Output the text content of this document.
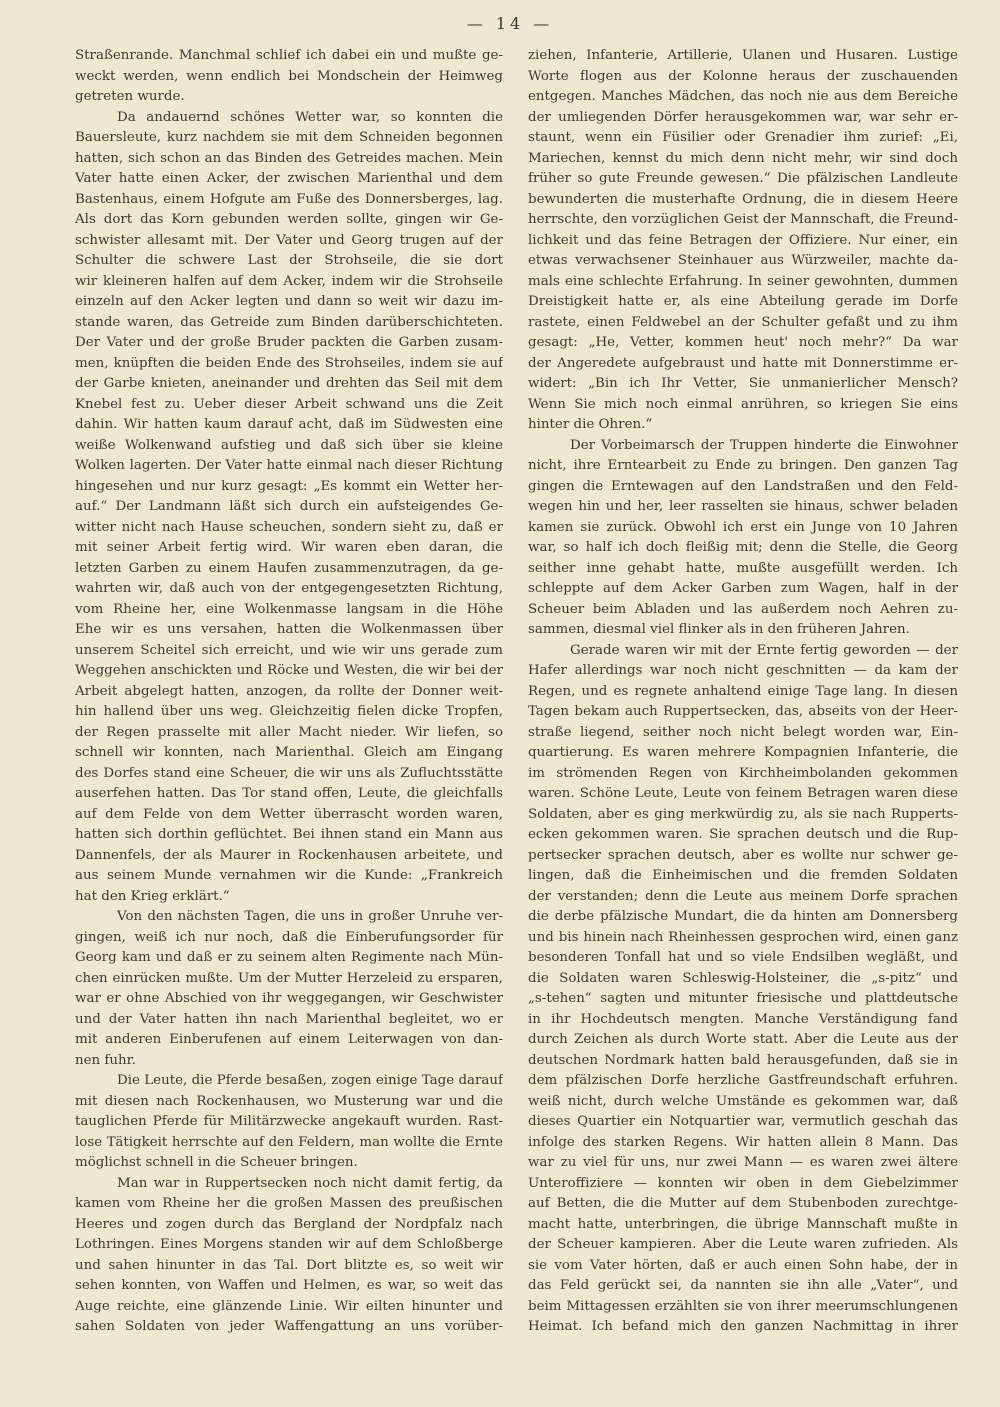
— 14 —
Straßenrande. Manchmal schlief ich dabei ein und mußte ge-
weckt werden, wenn endlich bei Mondschein der Heimweg
getreten wurde.
Da andauernd schönes Wetter war, so konnten die
Bauersleute, kurz nachdem sie mit dem Schneiden begonnen
hatten, sich schon an das Binden des Getreides machen. Mein
Vater hatte einen Acker, der zwischen Marienthal und dem
Bastenhaus, einem Hofgute am Fuße des Donnersberges, lag.
Als dort das Korn gebunden werden sollte, gingen wir Ge-
schwister allesamt mit. Der Vater und Georg trugen auf der
Schulter die schwere Last der Strohseile, die sie dort
wir kleineren halfen auf dem Acker, indem wir die Strohseile
einzeln auf den Acker legten und dann so weit wir dazu im-
stande waren, das Getreide zum Binden darüberschichteten.
Der Vater und der große Bruder packten die Garben zusam-
men, knüpften die beiden Ende des Strohseiles, indem sie auf
der Garbe knieten, aneinander und drehten das Seil mit dem
Knebel fest zu. Ueber dieser Arbeit schwand uns die Zeit
dahin. Wir hatten kaum darauf acht, daß im Südwesten eine
weiße Wolkenwand aufstieg und daß sich über sie kleine
Wolken lagerten. Der Vater hatte einmal nach dieser Richtung
hingesehen und nur kurz gesagt: „Es kommt ein Wetter her-
auf.“ Der Landmann läßt sich durch ein aufsteigendes Ge-
witter nicht nach Hause scheuchen, sondern sieht zu, daß er
mit seiner Arbeit fertig wird. Wir waren eben daran, die
letzten Garben zu einem Haufen zusammenzutragen, da ge-
wahrten wir, daß auch von der entgegengesetzten Richtung,
vom Rheine her, eine Wolkenmasse langsam in die Höhe
Ehe wir es uns versahen, hatten die Wolkenmassen über
unserem Scheitel sich erreicht, und wie wir uns gerade zum
Weggehen anschickten und Röcke und Westen, die wir bei der
Arbeit abgelegt hatten, anzogen, da rollte der Donner weit-
hin hallend über uns weg. Gleichzeitig fielen dicke Tropfen,
der Regen prasselte mit aller Macht nieder. Wir liefen, so
schnell wir konnten, nach Marienthal. Gleich am Eingang
des Dorfes stand eine Scheuer, die wir uns als Zufluchtsstätte
auserfehen hatten. Das Tor stand offen, Leute, die gleichfalls
auf dem Felde von dem Wetter überrascht worden waren,
hatten sich dorthin geflüchtet. Bei ihnen stand ein Mann aus
Dannenfels, der als Maurer in Rockenhausen arbeitete, und
aus seinem Munde vernahmen wir die Kunde: „Frankreich
hat den Krieg erklärt.“
Von den nächsten Tagen, die uns in großer Unruhe ver-
gingen, weiß ich nur noch, daß die Einberufungsorder für
Georg kam und daß er zu seinem alten Regimente nach Mün-
chen einrücken mußte. Um der Mutter Herzeleid zu ersparen,
war er ohne Abschied von ihr weggegangen, wir Geschwister
und der Vater hatten ihn nach Marienthal begleitet, wo er
mit anderen Einberufenen auf einem Leiterwagen von dan-
nen fuhr.
Die Leute, die Pferde besaßen, zogen einige Tage darauf
mit diesen nach Rockenhausen, wo Musterung war und die
tauglichen Pferde für Militärzwecke angekauft wurden. Rast-
lose Tätigkeit herrschte auf den Feldern, man wollte die Ernte
möglichst schnell in die Scheuer bringen.
Man war in Ruppertsecken noch nicht damit fertig, da
kamen vom Rheine her die großen Massen des preußischen
Heeres und zogen durch das Bergland der Nordpfalz nach
Lothringen. Eines Morgens standen wir auf dem Schloßberge
und sahen hinunter in das Tal. Dort blitzte es, so weit wir
sehen konnten, von Waffen und Helmen, es war, so weit das
Auge reichte, eine glänzende Linie. Wir eilten hinunter und
sahen Soldaten von jeder Waffengattung an uns vorüber-
ziehen, Infanterie, Artillerie, Ulanen und Husaren. Lustige
Worte flogen aus der Kolonne heraus der zuschauenden
entgegen. Manches Mädchen, das noch nie aus dem Bereiche
der umliegenden Dörfer herausgekommen war, war sehr er-
staunt, wenn ein Füsilier oder Grenadier ihm zurief: „Ei,
Mariechen, kennst du mich denn nicht mehr, wir sind doch
früher so gute Freunde gewesen.“ Die pfälzischen Landleute
bewunderten die musterhafte Ordnung, die in diesem Heere
herrschte, den vorzüglichen Geist der Mannschaft, die Freund-
lichkeit und das feine Betragen der Offiziere. Nur einer, ein
etwas verwachsener Steinhauer aus Würzweiler, machte da-
mals eine schlechte Erfahrung. In seiner gewohnten, dummen
Dreistigkeit hatte er, als eine Abteilung gerade im Dorfe
rastete, einen Feldwebel an der Schulter gefaßt und zu ihm
gesagt: „He, Vetter, kommen heut' noch mehr?“ Da war
der Angeredete aufgebraust und hatte mit Donnerstimme er-
widert: „Bin ich Ihr Vetter, Sie unmanierlicher Mensch?
Wenn Sie mich noch einmal anrühren, so kriegen Sie eins
hinter die Ohren.“
Der Vorbeimarsch der Truppen hinderte die Einwohner
nicht, ihre Erntearbeit zu Ende zu bringen. Den ganzen Tag
gingen die Erntewagen auf den Landstraßen und den Feld-
wegen hin und her, leer rasselten sie hinaus, schwer beladen
kamen sie zurück. Obwohl ich erst ein Junge von 10 Jahren
war, so half ich doch fleißig mit; denn die Stelle, die Georg
seither inne gehabt hatte, mußte ausgefüllt werden. Ich
schleppte auf dem Acker Garben zum Wagen, half in der
Scheuer beim Abladen und las außerdem noch Aehren zu-
sammen, diesmal viel flinker als in den früheren Jahren.
Gerade waren wir mit der Ernte fertig geworden — der
Hafer allerdings war noch nicht geschnitten — da kam der
Regen, und es regnete anhaltend einige Tage lang. In diesen
Tagen bekam auch Ruppertsecken, das, abseits von der Heer-
straße liegend, seither noch nicht belegt worden war, Ein-
quartierung. Es waren mehrere Kompagnien Infanterie, die
im strömenden Regen von Kirchheimbolanden gekommen
waren. Schöne Leute, Leute von feinem Betragen waren diese
Soldaten, aber es ging merkwürdig zu, als sie nach Rupperts-
ecken gekommen waren. Sie sprachen deutsch und die Rup-
pertsecker sprachen deutsch, aber es wollte nur schwer ge-
lingen, daß die Einheimischen und die fremden Soldaten
der verstanden; denn die Leute aus meinem Dorfe sprachen
die derbe pfälzische Mundart, die da hinten am Donnersberg
und bis hinein nach Rheinhessen gesprochen wird, einen ganz
besonderen Tonfall hat und so viele Endsilben wegläßt, und
die Soldaten waren Schleswig-Holsteiner, die „s-pitz“ und
„s-tehen“ sagten und mitunter friesische und plattdeutsche
in ihr Hochdeutsch mengten. Manche Verständigung fand
durch Zeichen als durch Worte statt. Aber die Leute aus der
deutschen Nordmark hatten bald herausgefunden, daß sie in
dem pfälzischen Dorfe herzliche Gastfreundschaft erfuhren.
weiß nicht, durch welche Umstände es gekommen war, daß
dieses Quartier ein Notquartier war, vermutlich geschah das
infolge des starken Regens. Wir hatten allein 8 Mann. Das
war zu viel für uns, nur zwei Mann — es waren zwei ältere
Unteroffiziere — konnten wir oben in dem Giebelzimmer
auf Betten, die die Mutter auf dem Stubenboden zurechtge-
macht hatte, unterbringen, die übrige Mannschaft mußte in
der Scheuer kampieren. Aber die Leute waren zufrieden. Als
sie vom Vater hörten, daß er auch einen Sohn habe, der in
das Feld gerückt sei, da nannten sie ihn alle „Vater“, und
beim Mittagessen erzählten sie von ihrer meerumschlungenen
Heimat. Ich befand mich den ganzen Nachmittag in ihrer
